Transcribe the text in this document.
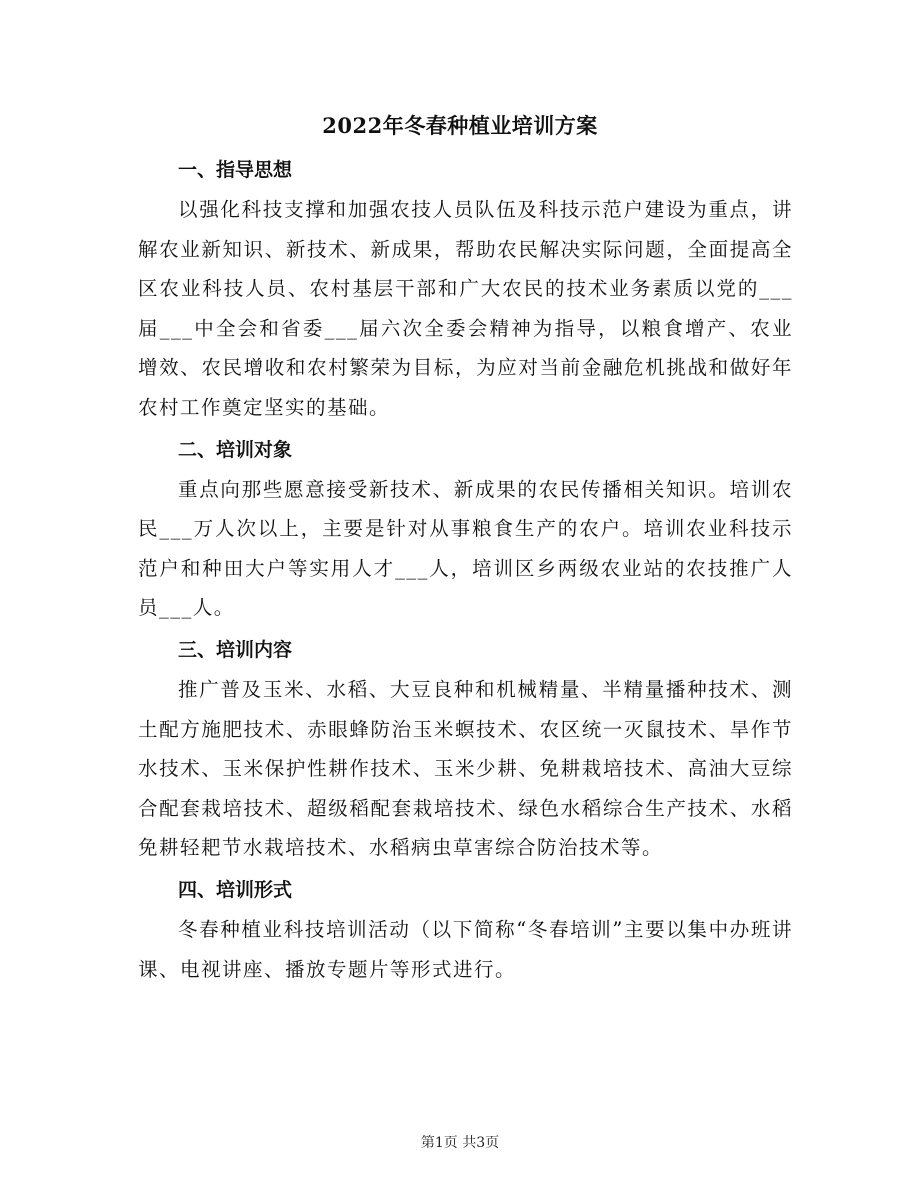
2022年冬春种植业培训方案
一、指导思想

以强化科技支撑和加强农技人员队伍及科技示范户建设为重点，讲解农业新知识、新技术、新成果，帮助农民解决实际问题，全面提高全区农业科技人员、农村基层干部和广大农民的技术业务素质以党的___届___中全会和省委___届六次全委会精神为指导，以粮食增产、农业增效、农民增收和农村繁荣为目标，为应对当前金融危机挑战和做好年农村工作奠定坚实的基础。

二、培训对象

重点向那些愿意接受新技术、新成果的农民传播相关知识。培训农民___万人次以上，主要是针对从事粮食生产的农户。培训农业科技示范户和种田大户等实用人才___人，培训区乡两级农业站的农技推广人员___人。

三、培训内容

推广普及玉米、水稻、大豆良种和机械精量、半精量播种技术、测土配方施肥技术、赤眼蜂防治玉米螟技术、农区统一灭鼠技术、旱作节水技术、玉米保护性耕作技术、玉米少耕、免耕栽培技术、高油大豆综合配套栽培技术、超级稻配套栽培技术、绿色水稻综合生产技术、水稻免耕轻耙节水栽培技术、水稻病虫草害综合防治技术等。

四、培训形式

冬春种植业科技培训活动（以下简称“冬春培训”主要以集中办班讲课、电视讲座、播放专题片等形式进行。

第1页 共3页
